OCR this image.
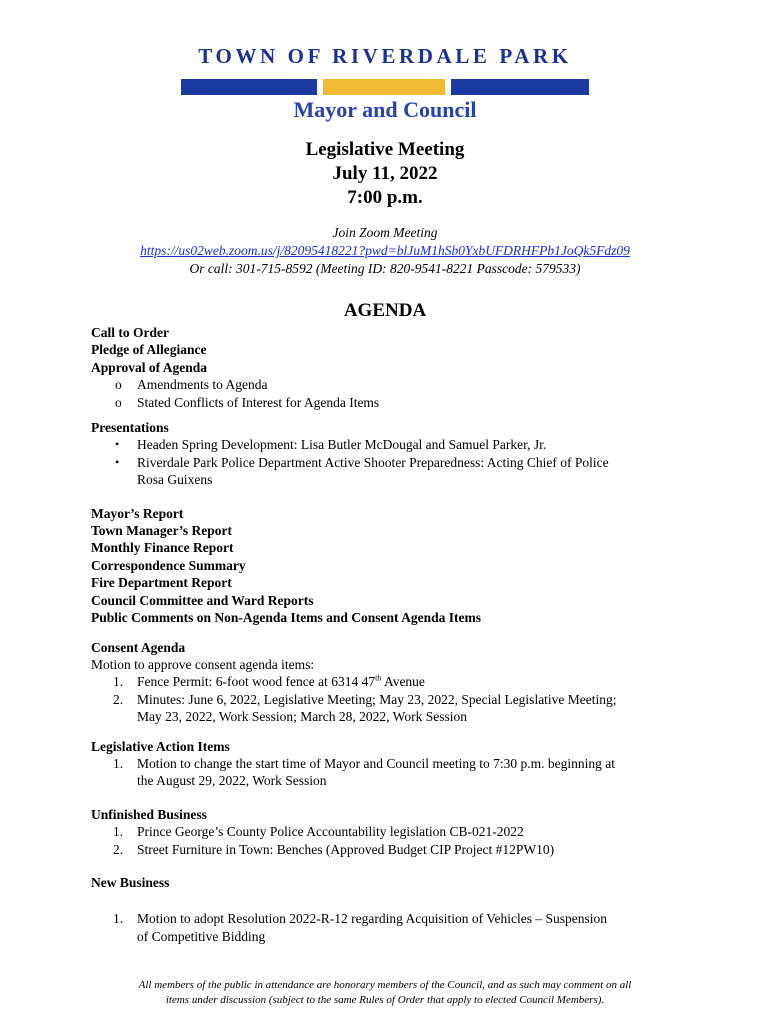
TOWN OF RIVERDALE PARK
Mayor and Council
Legislative Meeting
July 11, 2022
7:00 p.m.
Join Zoom Meeting
https://us02web.zoom.us/j/82095418221?pwd=blJuM1hSb0YxbUFDRHFPb1JoQk5Fdz09
Or call: 301-715-8592 (Meeting ID: 820-9541-8221 Passcode: 579533)
AGENDA
Call to Order
Pledge of Allegiance
Approval of Agenda
o Amendments to Agenda
o Stated Conflicts of Interest for Agenda Items
Presentations
• Headen Spring Development: Lisa Butler McDougal and Samuel Parker, Jr.
• Riverdale Park Police Department Active Shooter Preparedness: Acting Chief of Police
Rosa Guixens
Mayor’s Report
Town Manager’s Report
Monthly Finance Report
Correspondence Summary
Fire Department Report
Council Committee and Ward Reports
Public Comments on Non-Agenda Items and Consent Agenda Items
Consent Agenda
Motion to approve consent agenda items:
1. Fence Permit: 6-foot wood fence at 6314 47th Avenue
2. Minutes: June 6, 2022, Legislative Meeting; May 23, 2022, Special Legislative Meeting;
May 23, 2022, Work Session; March 28, 2022, Work Session
Legislative Action Items
1. Motion to change the start time of Mayor and Council meeting to 7:30 p.m. beginning at
the August 29, 2022, Work Session
Unfinished Business
1. Prince George’s County Police Accountability legislation CB-021-2022
2. Street Furniture in Town: Benches (Approved Budget CIP Project #12PW10)
New Business
1. Motion to adopt Resolution 2022-R-12 regarding Acquisition of Vehicles – Suspension
of Competitive Bidding
All members of the public in attendance are honorary members of the Council, and as such may comment on all
items under discussion (subject to the same Rules of Order that apply to elected Council Members).
